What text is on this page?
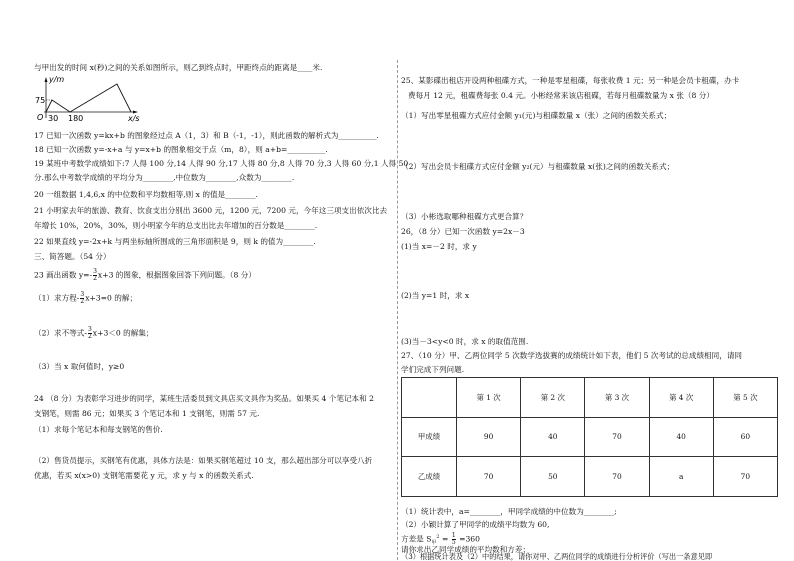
与甲出发的时间 x(秒)之间的关系如图所示，则乙到终点时，甲距终点的距离是____米.
y/m
75
O 30 180	x/s
17 已知一次函数 y=kx+b 的图象经过点 A（1，3）和 B（-1，-1），则此函数的解析式为__________.
18 已知一次函数 y=-x+a 与 y=x+b 的图象相交于点（m，8），则 a+b=__________.
19 某班中考数学成绩如下:7 人得 100 分,14 人得 90 分,17 人得 80 分,8 人得 70 分,3 人得 60 分,1 人得 50
分.那么中考数学成绩的平均分为________,中位数为________,众数为________.
20 一组数据 1,4,6,x 的中位数和平均数相等,则 x 的值是________.
21 小明家去年的旅游、教育、饮食支出分别出 3600 元，1200 元，7200 元，今年这三项支出依次比去
年增长 10%，20%，30%，则小明家今年的总支出比去年增加的百分数是________.
22 如果直线 y=-2x+k 与两坐标轴所围成的三角形面积是 9，则 k 的值为________.
三、简答题。（54 分）
23 画出函数 $y=- \frac{3}{2} x+3$ 的图象，根据图象回答下列问题。（8 分）
（1）求方程- $\frac{3}{2} x+3=0$ 的解；
（2）求不等式- $\frac{3}{2} x+3<0$ 的解集；
（3）当 x 取何值时，y≥0
24 （8 分）为表彰学习进步的同学，某班生活委员到文具店买文具作为奖品。如果买 4 个笔记本和 2
支钢笔，则需 86 元；如果买 3 个笔记本和 1 支钢笔，则需 57 元.
（1）求每个笔记本和每支钢笔的售价.
（2）售货员提示，买钢笔有优惠，具体方法是：如果买钢笔超过 10 支，那么超出部分可以享受八折
优惠，若买 x(x>0) 支钢笔需要花 y 元，求 y 与 x 的函数关系式.
25、某影碟出租店开设两种租碟方式，一种是零星租碟，每张收费 1 元；另一种是会员卡租碟，办卡
费每月 12 元，租碟费每张 0.4 元。小彬经常来该店租碟，若每月租碟数量为 x 张（8 分）
（1）写出零星租碟方式应付金额 y₁(元)与租碟数量 x（张）之间的函数关系式；
（2）写出会员卡租碟方式应付金额 y₂(元）与租碟数量 x(张)之间的函数关系式；
（3）小彬选取哪种租碟方式更合算？
26，（8 分）已知一次函数 y=2x－3
(1)当 x=－2 时，求 y
(2)当 y=1 时，求 x
(3)当－3<y<0 时，求 x 的取值范围.
27、（10 分）甲、乙两位同学 5 次数学选拔赛的成绩统计如下表，他们 5 次考试的总成绩相同，请同
学们完成下列问题.
	第 1 次	第 2 次	第 3 次	第 4 次	第 5 次
甲成绩	90	40	70	40	60
乙成绩	70	50	70	a	70
（1）统计表中，a=________，甲同学成绩的中位数为________;
（2）小颖计算了甲同学的成绩平均数为 60,
方差是 $S_甲^2 = \frac{1}{5} =360$
请你求出乙同学成绩的平均数和方差；
（3）根据统计表及（2）中的结果，请你对甲、乙两位同学的成绩进行分析评价（写出一条意见即
